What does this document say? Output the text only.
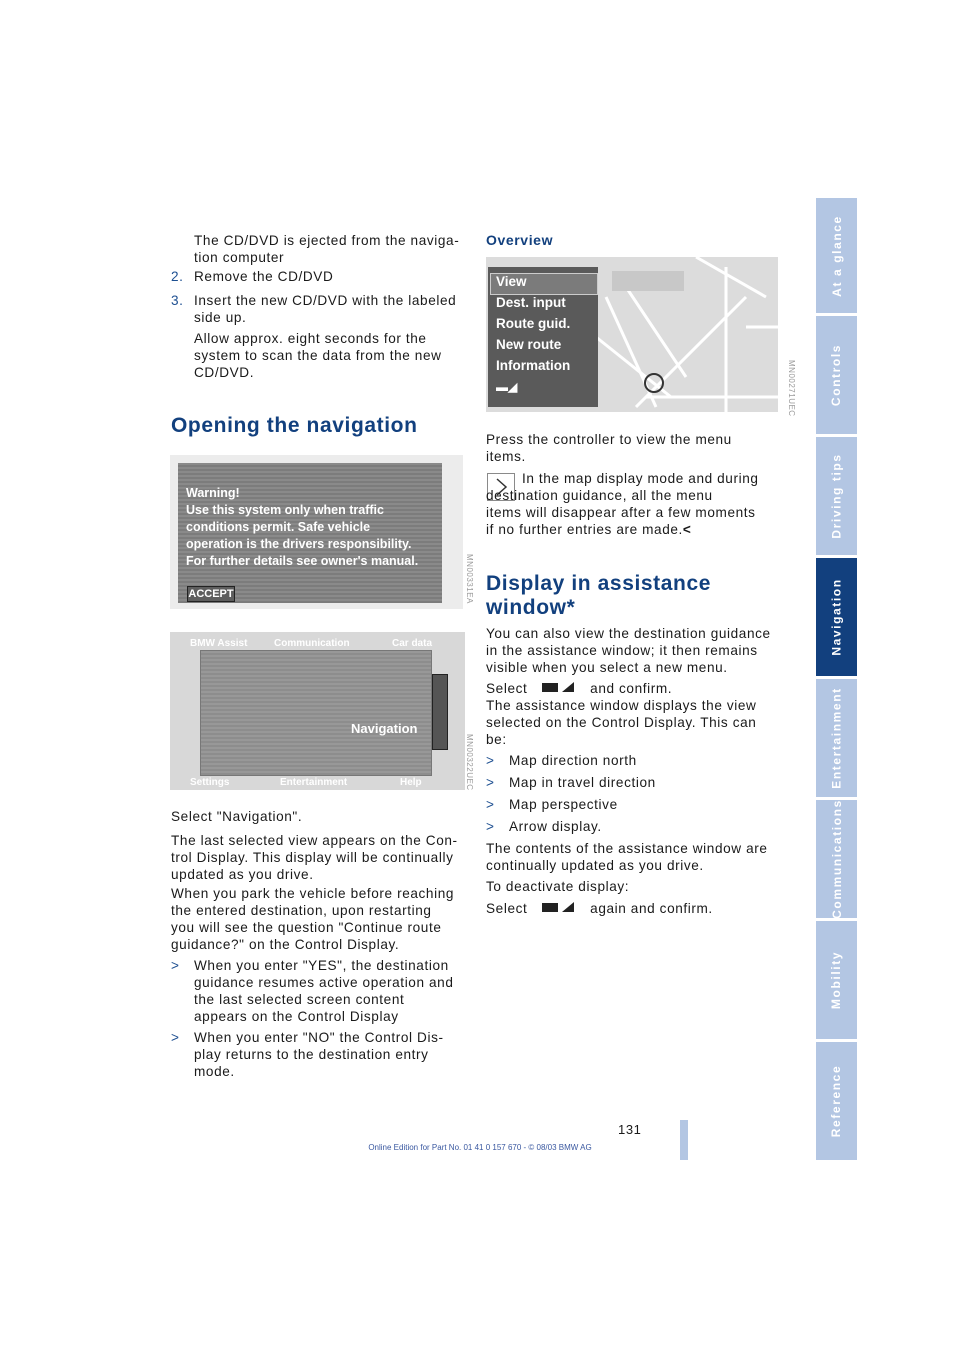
At a glance
Controls
Driving tips
Navigation
Entertainment
Communications
Mobility
Reference
The CD/DVD is ejected from the naviga-
tion computer
2. Remove the CD/DVD
3. Insert the new CD/DVD with the labeled
side up.
Allow approx. eight seconds for the
system to scan the data from the new
CD/DVD.
Opening the navigation
Warning!
Use this system only when traffic
conditions permit. Safe vehicle
operation is the drivers responsibility.
For further details see owner's manual.
ACCEPT	MN00331EA
BMW Assist	Communication	Car data
Navigation
Climate
Settings	Entertainment	Help	MN00322UEC
Select "Navigation".
The last selected view appears on the Con-
trol Display. This display will be continually
updated as you drive.
When you park the vehicle before reaching
the entered destination, upon restarting
you will see the question "Continue route
guidance?" on the Control Display.
>	When you enter "YES", the destination
guidance resumes active operation and
the last selected screen content
appears on the Control Display
>	When you enter "NO" the Control Dis-
play returns to the destination entry
mode.
Overview
View
Dest. input
Route guid.
New route
Information
▬◢	MN00271UEC
Press the controller to view the menu
items.
In the map display mode and during
destination guidance, all the menu
items will disappear after a few moments
if no further entries are made.<
Display in assistance
window*
You can also view the destination guidance
in the assistance window; it then remains
visible when you select a new menu.
Select	and confirm.
The assistance window displays the view
selected on the Control Display. This can
be:
>	Map direction north
>	Map in travel direction
>	Map perspective
>	Arrow display.
The contents of the assistance window are
continually updated as you drive.
To deactivate display:
Select	again and confirm.
131
Online Edition for Part No. 01 41 0 157 670 - © 08/03 BMW AG
